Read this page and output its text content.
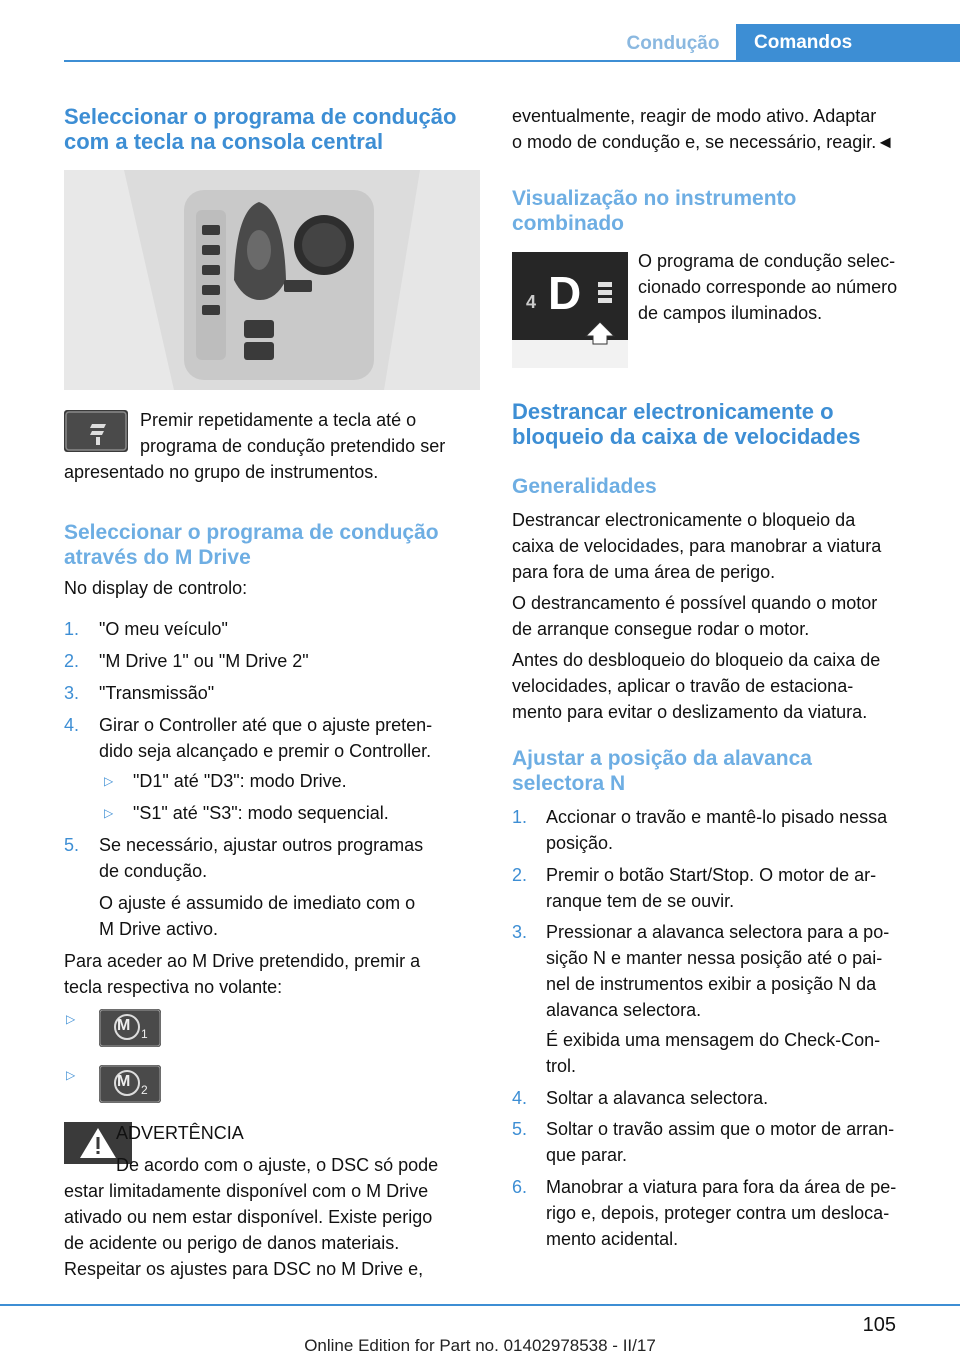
Condução	Comandos
Seleccionar o programa de condução com a tecla na consola central

Premir repetidamente a tecla até o

programa de condução pretendido ser

apresentado no grupo de instrumentos.

Seleccionar o programa de condução através do M Drive

No display de controlo:

1. "O meu veículo"
2. "M Drive 1" ou "M Drive 2"
3. "Transmissão"
4. Girar o Controller até que o ajuste preten-
dido seja alcançado e premir o Controller.
▷ "D1" até "D3": modo Drive.
▷ "S1" até "S3": modo sequencial.
5. Se necessário, ajustar outros programas
de condução.
O ajuste é assumido de imediato com o
M Drive activo.

Para aceder ao M Drive pretendido, premir a

tecla respectiva no volante:

▷	M 1
▷	M 2

ADVERTÊNCIA

De acordo com o ajuste, o DSC só pode

estar limitadamente disponível com o M Drive

ativado ou nem estar disponível. Existe perigo

de acidente ou perigo de danos materiais.

Respeitar os ajustes para DSC no M Drive e,

eventualmente, reagir de modo ativo. Adaptar

o modo de condução e, se necessário, reagir.◄

Visualização no instrumento combinado
4 D

O programa de condução selec-

cionado corresponde ao número

de campos iluminados.

Destrancar electronicamente o bloqueio da caixa de velocidades
Generalidades

Destrancar electronicamente o bloqueio da

caixa de velocidades, para manobrar a viatura

para fora de uma área de perigo.

O destrancamento é possível quando o motor

de arranque consegue rodar o motor.

Antes do desbloqueio do bloqueio da caixa de

velocidades, aplicar o travão de estaciona-

mento para evitar o deslizamento da viatura.

Ajustar a posição da alavanca selectora N
1. Accionar o travão e mantê-lo pisado nessa
posição.
2. Premir o botão Start/Stop. O motor de ar-
ranque tem de se ouvir.
3. Pressionar a alavanca selectora para a po-
sição N e manter nessa posição até o pai-
nel de instrumentos exibir a posição N da
alavanca selectora.
É exibida uma mensagem do Check-Con-
trol.
4. Soltar a alavanca selectora.
5. Soltar o travão assim que o motor de arran-
que parar.
6. Manobrar a viatura para fora da área de pe-
rigo e, depois, proteger contra um desloca-
mento acidental.
105
Online Edition for Part no. 01402978538 - II/17
